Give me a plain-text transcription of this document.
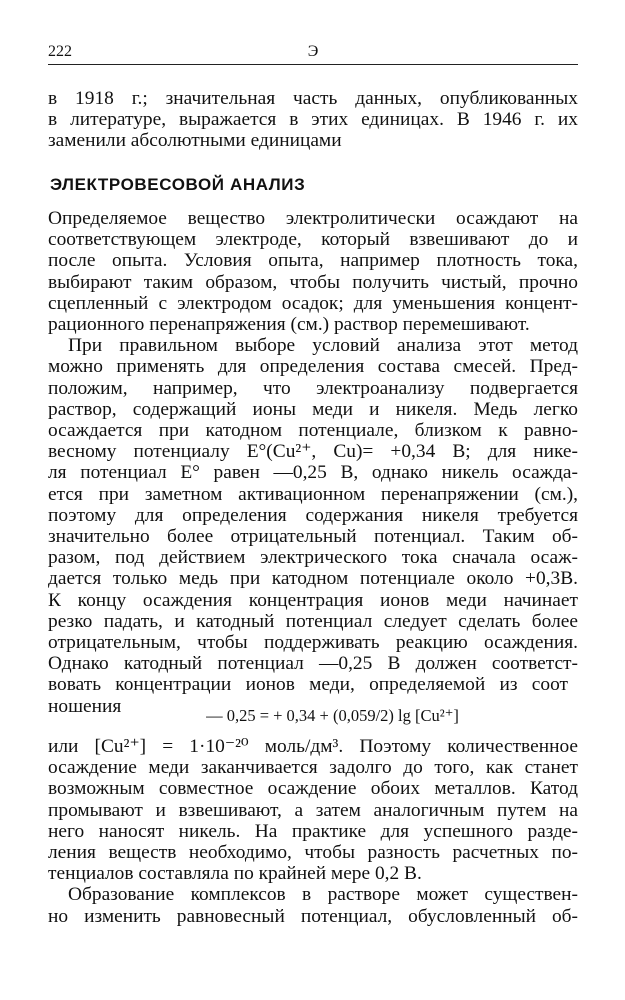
222	Э
в 1918 г.; значительная часть данных, опубликованных
в литературе, выражается в этих единицах. В 1946 г. их
заменили абсолютными единицами
ЭЛЕКТРОВЕСОВОЙ АНАЛИЗ
Определяемое вещество электролитически осаждают на
соответствующем электроде, который взвешивают до и
после опыта. Условия опыта, например плотность тока,
выбирают таким образом, чтобы получить чистый, прочно
сцепленный с электродом осадок; для уменьшения концент-
рационного перенапряжения (см.) раствор перемешивают.
При правильном выборе условий анализа этот метод
можно применять для определения состава смесей. Пред-
положим, например, что электроанализу подвергается
раствор, содержащий ионы меди и никеля. Медь легко
осаждается при катодном потенциале, близком к равно-
весному потенциалу E°(Cu²⁺, Cu)= +0,34 В; для нике-
ля потенциал E° равен —0,25 В, однако никель осажда-
ется при заметном активационном перенапряжении (см.),
поэтому для определения содержания никеля требуется
значительно более отрицательный потенциал. Таким об-
разом, под действием электрического тока сначала осаж-
дается только медь при катодном потенциале около +0,3В.
К концу осаждения концентрация ионов меди начинает
резко падать, и катодный потенциал следует сделать более
отрицательным, чтобы поддерживать реакцию осаждения.
Однако катодный потенциал —0,25 В должен соответст-
вовать концентрации ионов меди, определяемой из соот
ношения	— 0,25 = + 0,34 + (0,059/2) lg [Cu²⁺]
или [Cu²⁺] = 1·10⁻²⁰ моль/дм³. Поэтому количественное
осаждение меди заканчивается задолго до того, как станет
возможным совместное осаждение обоих металлов. Катод
промывают и взвешивают, а затем аналогичным путем на
него наносят никель. На практике для успешного разде-
ления веществ необходимо, чтобы разность расчетных по-
тенциалов составляла по крайней мере 0,2 В.
Образование комплексов в растворе может существен-
но изменить равновесный потенциал, обусловленный об-
